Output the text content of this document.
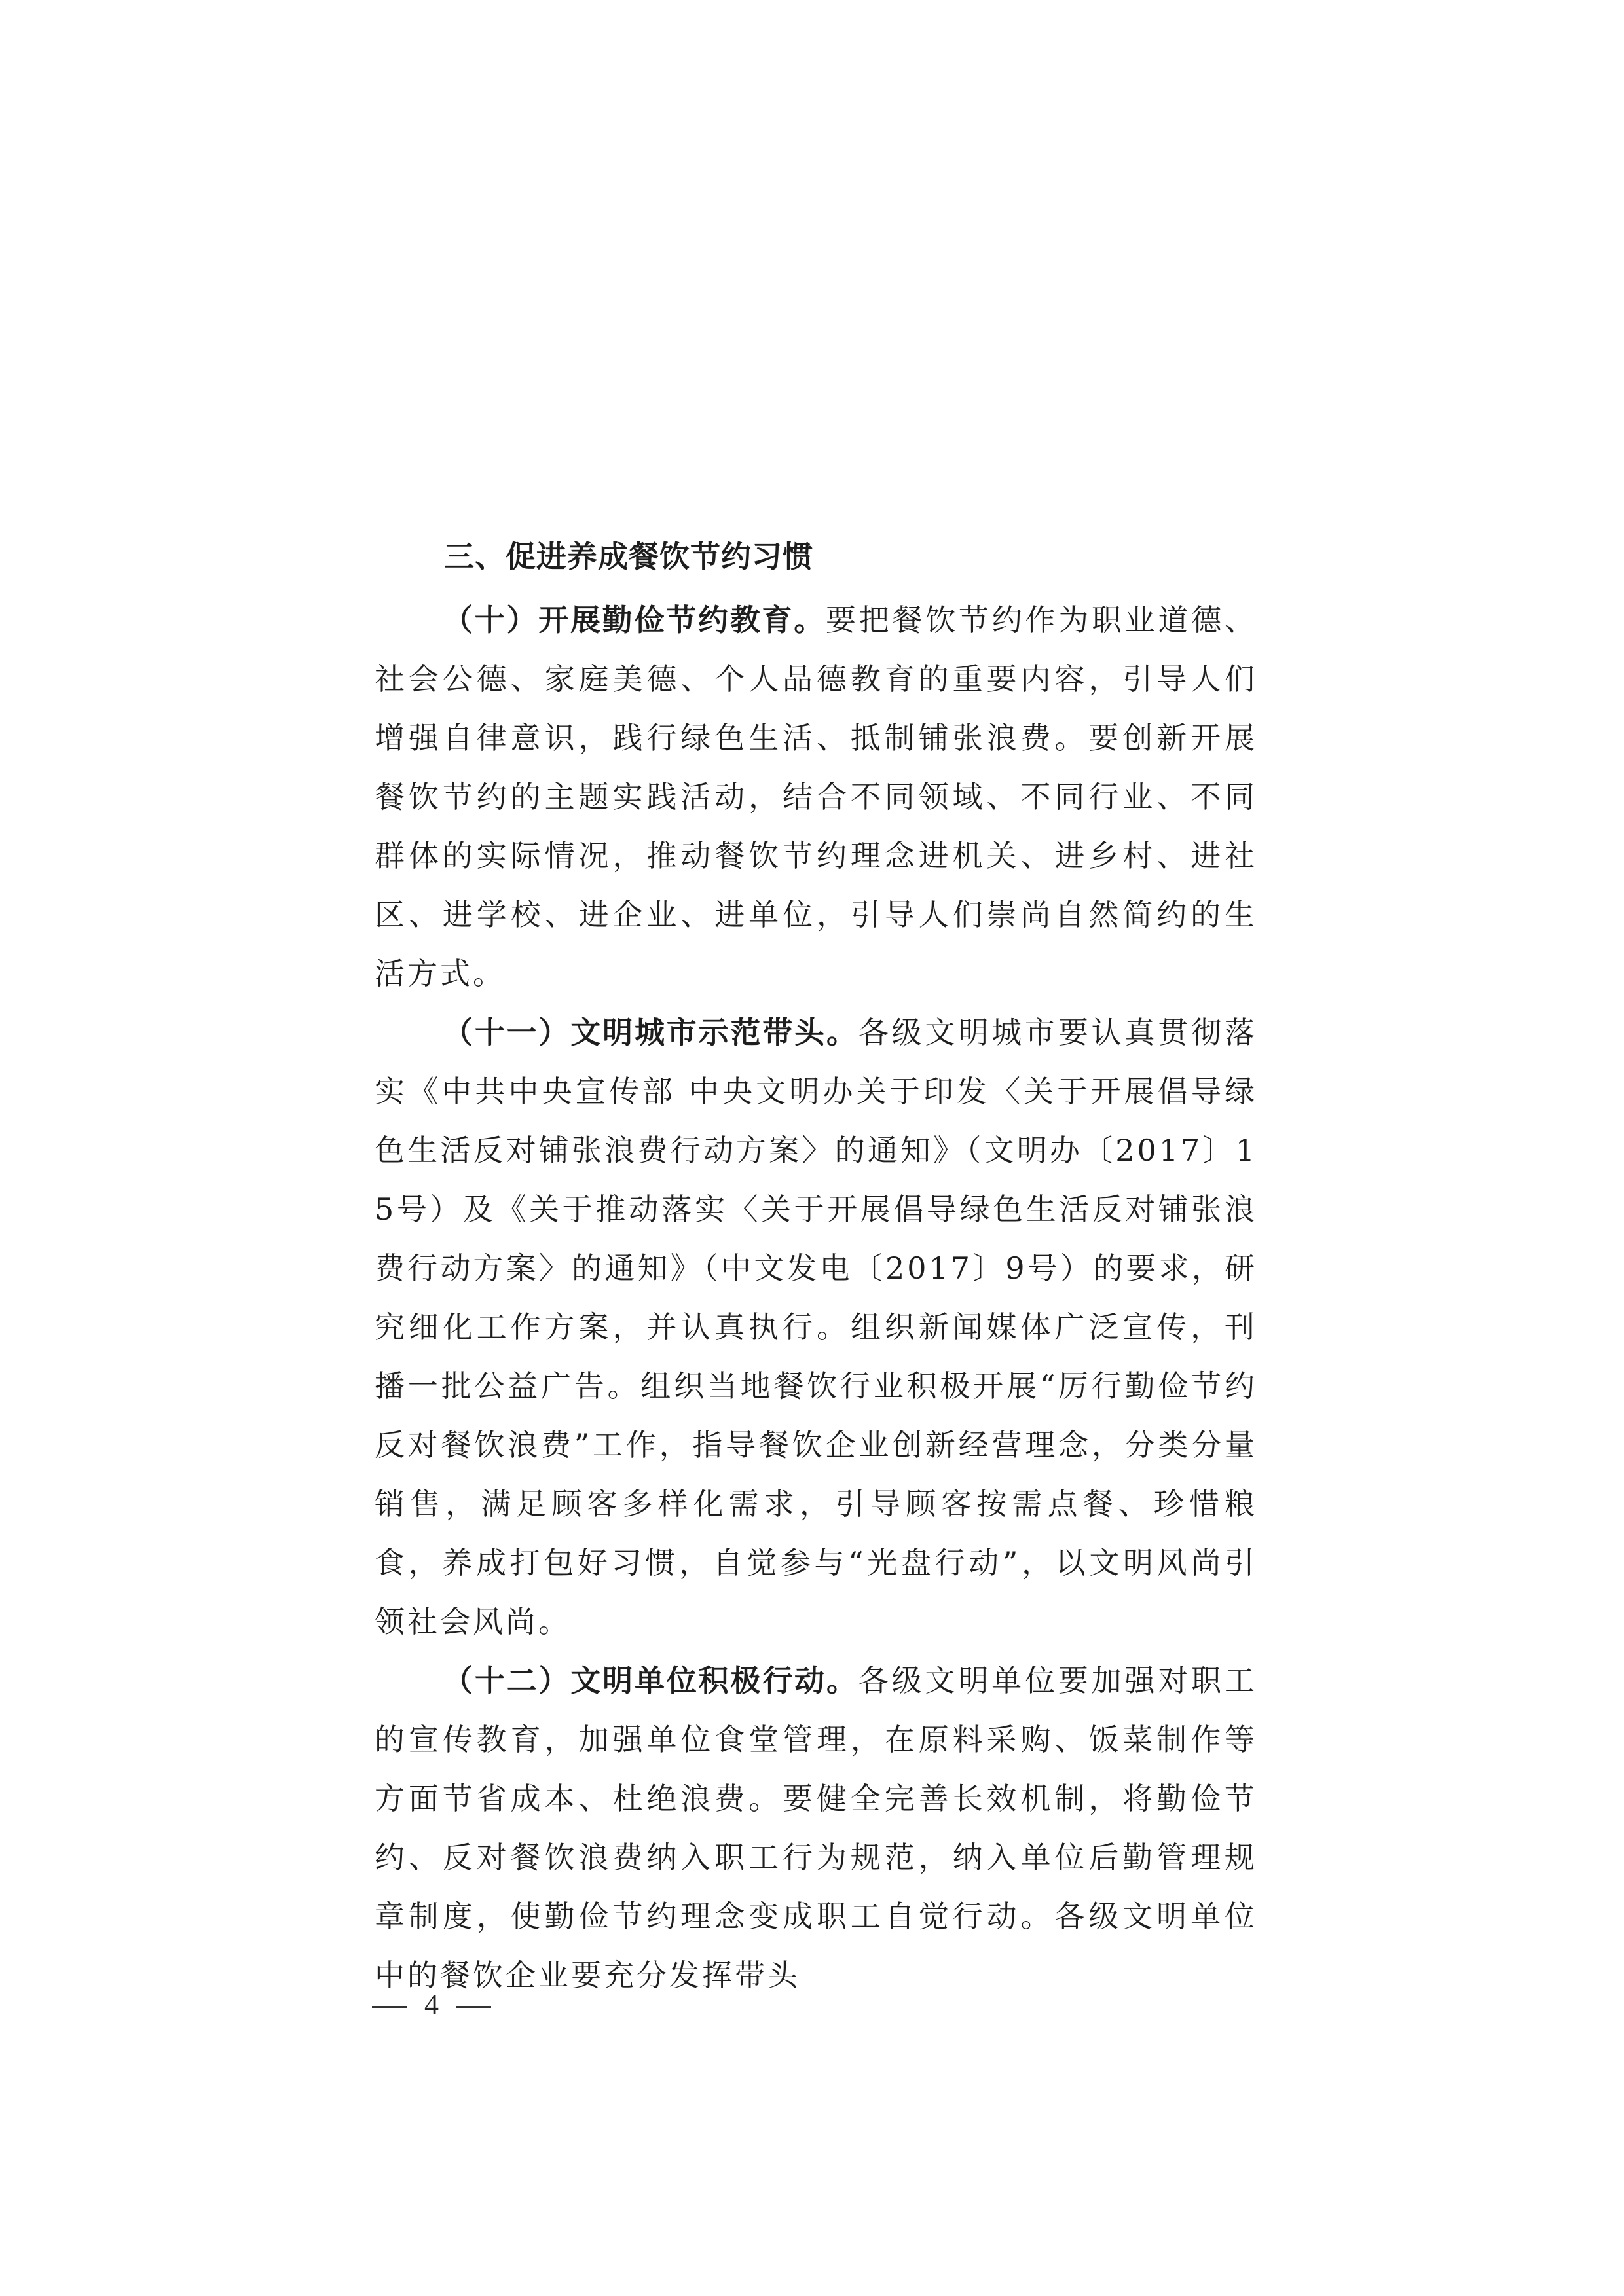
三、促进养成餐饮节约习惯

（十）开展勤俭节约教育。要把餐饮节约作为职业道德、社会公德、家庭美德、个人品德教育的重要内容，引导人们增强自律意识，践行绿色生活、抵制铺张浪费。要创新开展餐饮节约的主题实践活动，结合不同领域、不同行业、不同群体的实际情况，推动餐饮节约理念进机关、进乡村、进社区、进学校、进企业、进单位，引导人们崇尚自然简约的生活方式。

（十一）文明城市示范带头。各级文明城市要认真贯彻落实《中共中央宣传部 中央文明办关于印发〈关于开展倡导绿色生活反对铺张浪费行动方案〉的通知》（文明办〔2017〕15号）及《关于推动落实〈关于开展倡导绿色生活反对铺张浪费行动方案〉的通知》（中文发电〔2017〕9号）的要求，研究细化工作方案，并认真执行。组织新闻媒体广泛宣传，刊播一批公益广告。组织当地餐饮行业积极开展“厉行勤俭节约 反对餐饮浪费”工作，指导餐饮企业创新经营理念，分类分量销售，满足顾客多样化需求，引导顾客按需点餐、珍惜粮食，养成打包好习惯，自觉参与“光盘行动”，以文明风尚引领社会风尚。

（十二）文明单位积极行动。各级文明单位要加强对职工的宣传教育，加强单位食堂管理，在原料采购、饭菜制作等方面节省成本、杜绝浪费。要健全完善长效机制，将勤俭节约、反对餐饮浪费纳入职工行为规范，纳入单位后勤管理规章制度，使勤俭节约理念变成职工自觉行动。各级文明单位中的餐饮企业要充分发挥带头

4
